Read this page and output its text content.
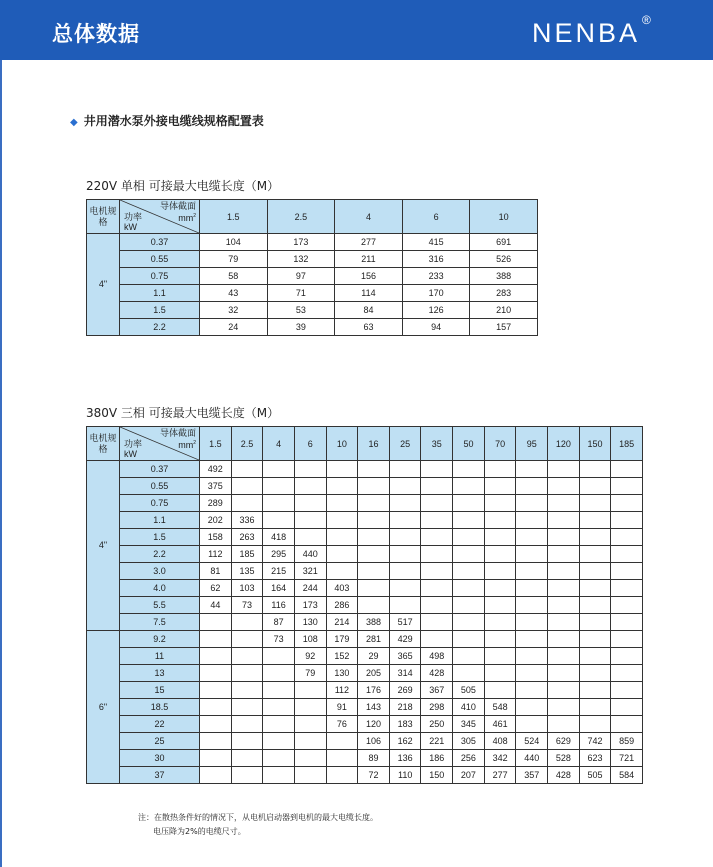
总体数据	NENBA ®
◆ 井用潜水泵外接电缆线规格配置表
220V 单相 可接最大电缆长度（M）
电机规格	导体截面
$mm^2$
功率
kW	1.5	2.5	4	6	10
4"	0.37	104	173	277	415	691
	0.55	79	132	211	316	526
	0.75	58	97	156	233	388
	1.1	43	71	114	170	283
	1.5	32	53	84	126	210
	2.2	24	39	63	94	157
380V 三相 可接最大电缆长度（M）
电机规格	导体截面
$mm^2$
功率
kW	1.5	2.5	4	6	10	16	25	35	50	70	95	120	150	185
4"	0.37	492													
	0.55	375													
	0.75	289													
	1.1	202	336												
	1.5	158	263	418											
	2.2	112	185	295	440										
	3.0	81	135	215	321										
	4.0	62	103	164	244	403									
	5.5	44	73	116	173	286									
	7.5			87	130	214	388	517							
6"	9.2			73	108	179	281	429							
	11				92	152	29	365	498						
	13				79	130	205	314	428						
	15					112	176	269	367	505					
	18.5					91	143	218	298	410	548				
	22					76	120	183	250	345	461				
	25						106	162	221	305	408	524	629	742	859
	30						89	136	186	256	342	440	528	623	721
	37						72	110	150	207	277	357	428	505	584
注：在散热条件好的情况下，从电机启动器到电机的最大电缆长度。
电压降为2%的电缆尺寸。
